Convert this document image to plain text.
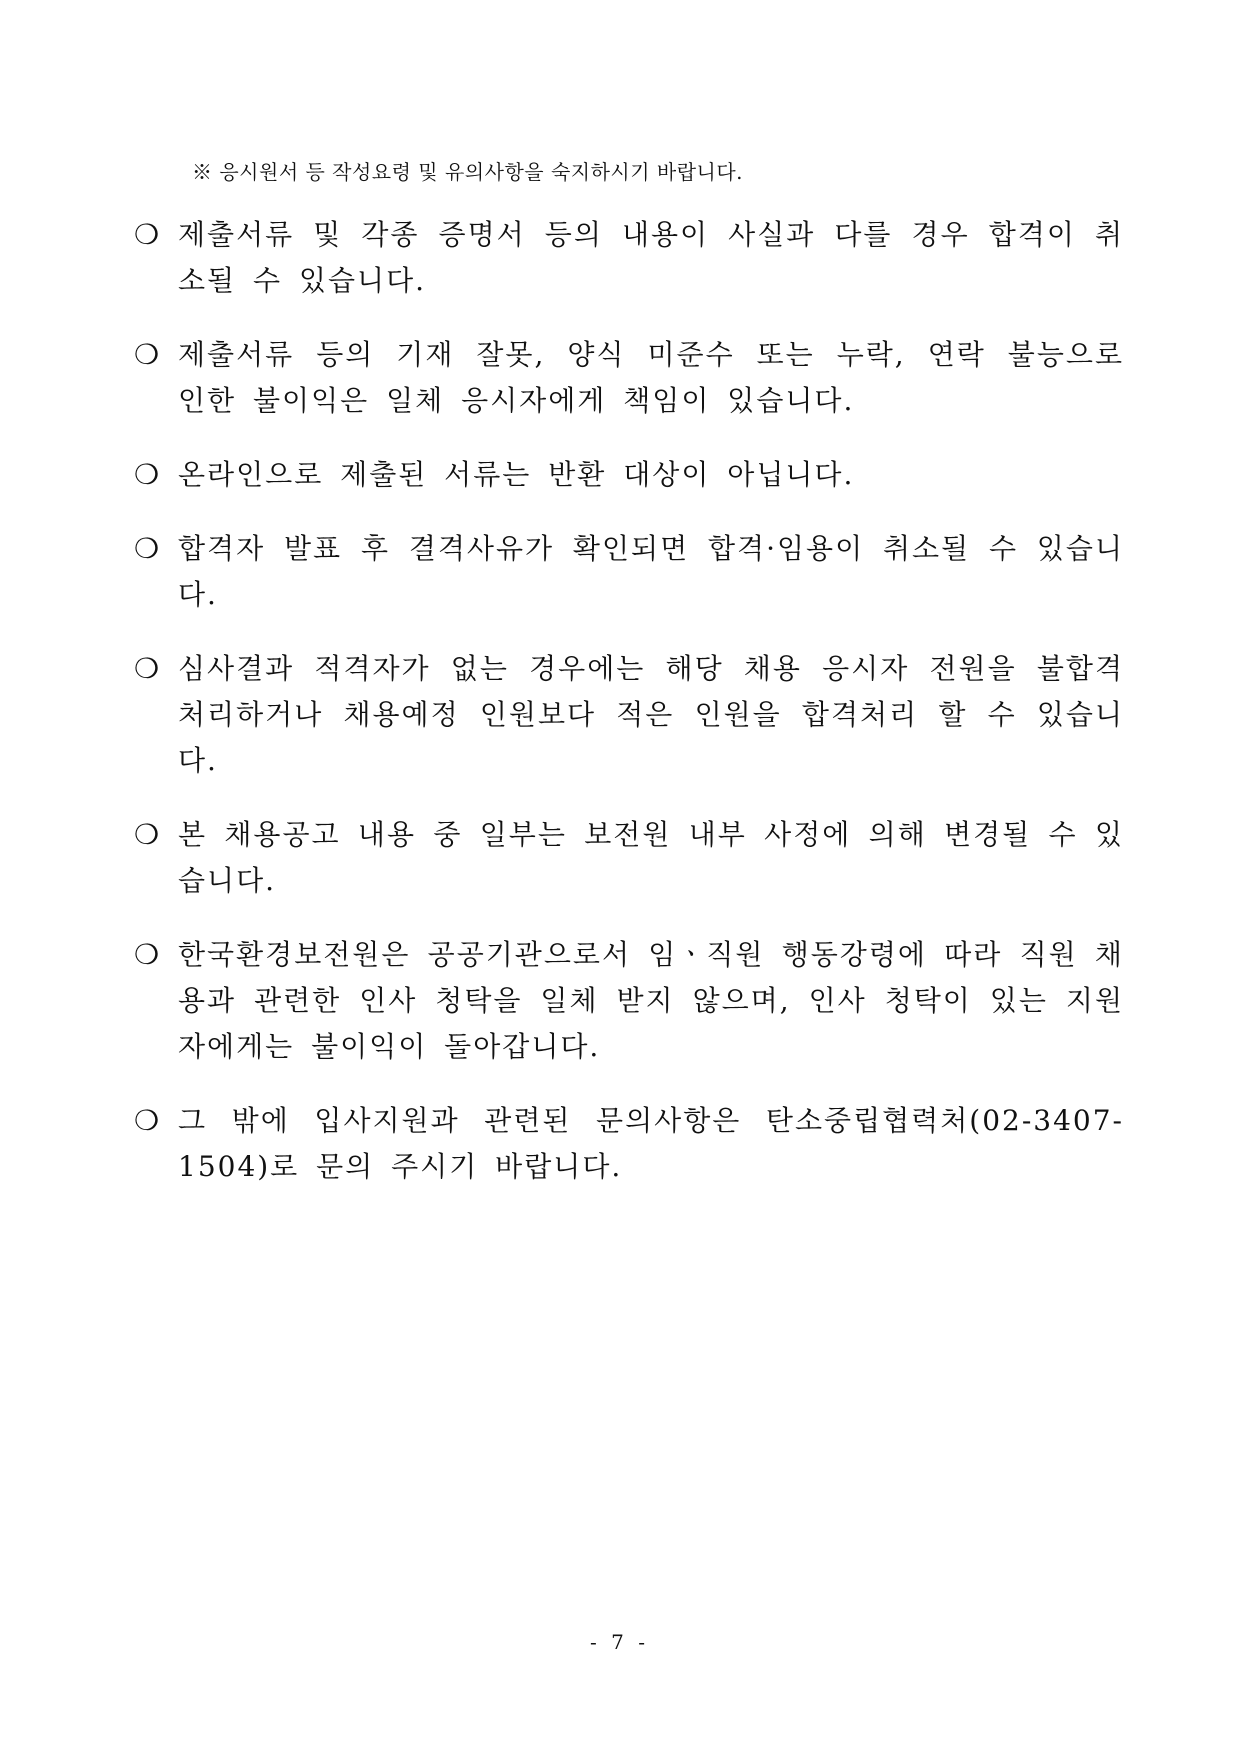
※ 응시원서 등 작성요령 및 유의사항을 숙지하시기 바랍니다.
❍ 제출서류 및 각종 증명서 등의 내용이 사실과 다를 경우 합격이 취소될 수 있습니다.
❍ 제출서류 등의 기재 잘못, 양식 미준수 또는 누락, 연락 불능으로 인한 불이익은 일체 응시자에게 책임이 있습니다.
❍ 온라인으로 제출된 서류는 반환 대상이 아닙니다.
❍ 합격자 발표 후 결격사유가 확인되면 합격·임용이 취소될 수 있습니다.
❍ 심사결과 적격자가 없는 경우에는 해당 채용 응시자 전원을 불합격 처리하거나 채용예정 인원보다 적은 인원을 합격처리 할 수 있습니다.
❍ 본 채용공고 내용 중 일부는 보전원 내부 사정에 의해 변경될 수 있습니다.
❍ 한국환경보전원은 공공기관으로서 임ㆍ직원 행동강령에 따라 직원 채용과 관련한 인사 청탁을 일체 받지 않으며, 인사 청탁이 있는 지원자에게는 불이익이 돌아갑니다.
❍ 그 밖에 입사지원과 관련된 문의사항은 탄소중립협력처(02-3407-1504)로 문의 주시기 바랍니다.
- 7 -
